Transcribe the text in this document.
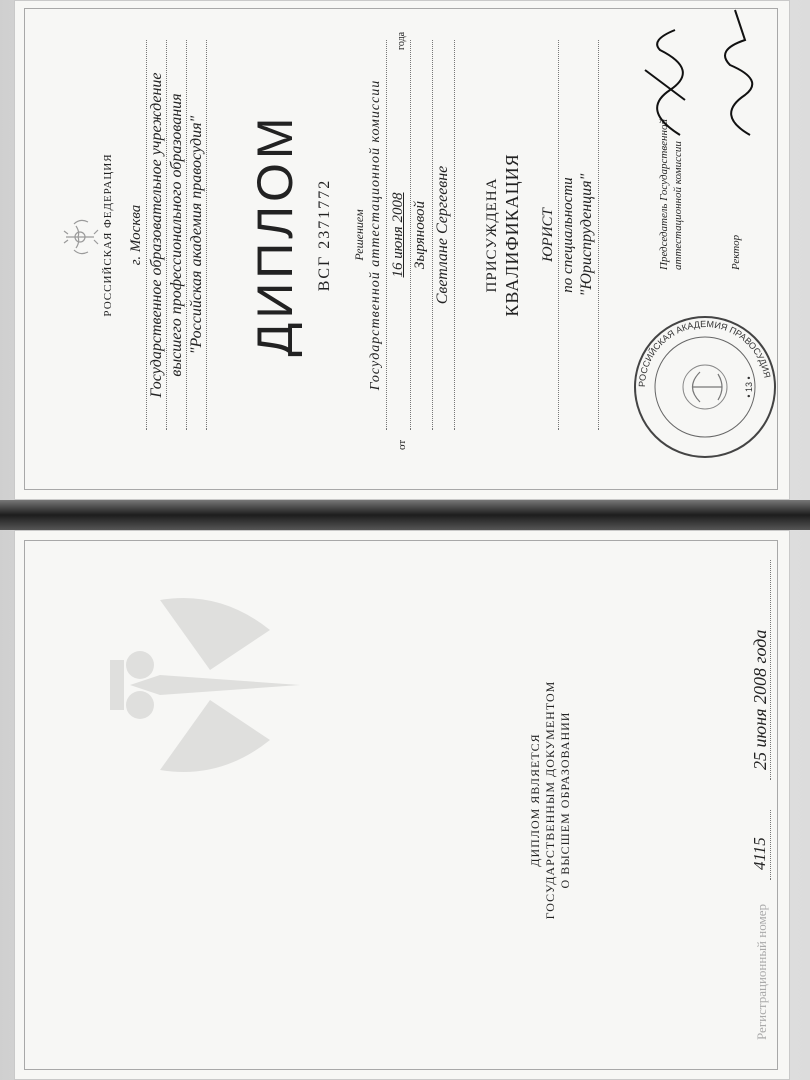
РОССИЙСКАЯ ФЕДЕРАЦИЯ г. Москва Государственное образовательное учреждение высшего профессионального образования "Российская академия правосудия" ДИПЛОМ ВСГ 2371772 Решением Государственной аттестационной комиссии
от
16 июня 2008
года
Зыряновой Светлане Сергеевне ПРИСУЖДЕНА КВАЛИФИКАЦИЯ ЮРИСТ по специальности "Юриспруденция"	Председатель Государственной аттестационной комиссии	Ректор
РОССИЙСКАЯ АКАДЕМИЯ ПРАВОСУДИЯ
• 13 •
ДИПЛОМ ЯВЛЯЕТСЯ ГОСУДАРСТВЕННЫМ ДОКУМЕНТОМ О ВЫСШЕМ ОБРАЗОВАНИИ
Регистрационный номер
4115
25 июня 2008 года
